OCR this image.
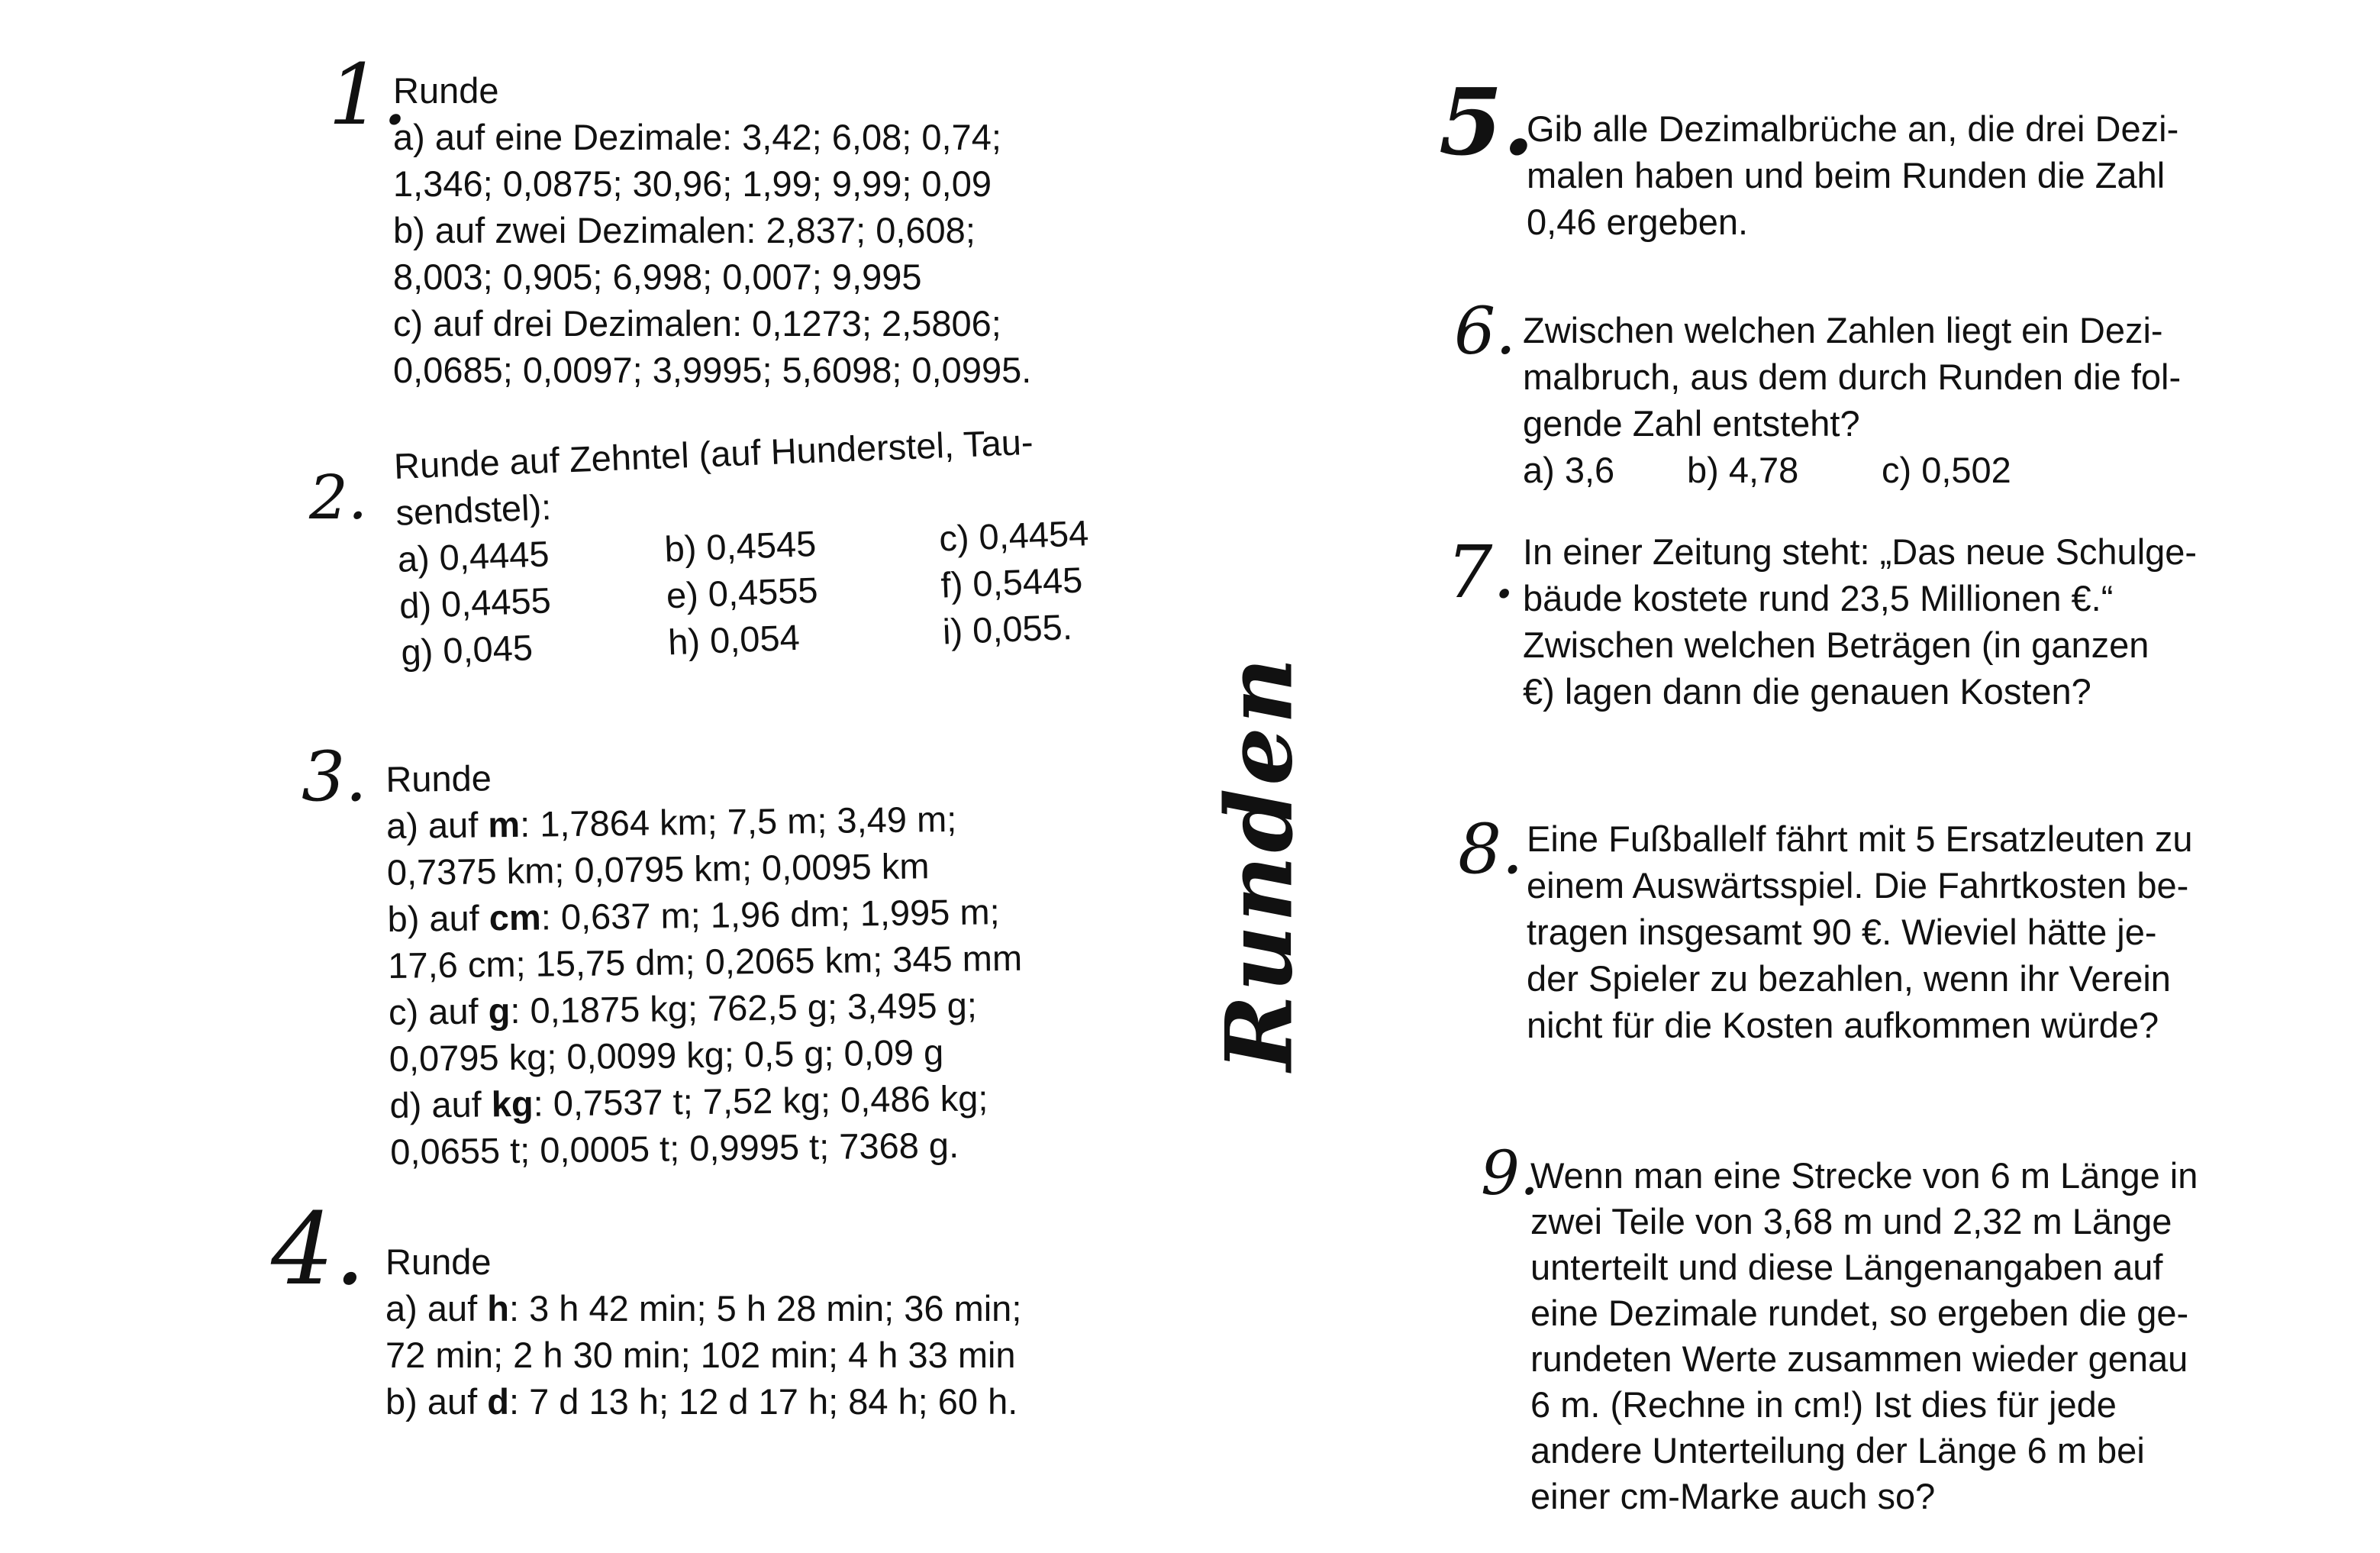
1.

Runde

a) auf eine Dezimale: 3,42; 6,08; 0,74;

1,346; 0,0875; 30,96; 1,99; 9,99; 0,09

b) auf zwei Dezimalen: 2,837; 0,608;

8,003; 0,905; 6,998; 0,007; 9,995

c) auf drei Dezimalen: 0,1273; 2,5806;

0,0685; 0,0097; 3,9995; 5,6098; 0,0995.

2.

Runde auf Zehntel (auf Hunderstel, Tau-

sendstel):

a) 0,4445	b) 0,4545	c) 0,4454
d) 0,4455	e) 0,4555	f) 0,5445
g) 0,045	h) 0,054	i) 0,055.
3. Runde

a) auf m: 1,7864 km; 7,5 m; 3,49 m;

0,7375 km; 0,0795 km; 0,0095 km

b) auf cm: 0,637 m; 1,96 dm; 1,995 m;

17,6 cm; 15,75 dm; 0,2065 km; 345 mm

c) auf g: 0,1875 kg; 762,5 g; 3,495 g;

0,0795 kg; 0,0099 kg; 0,5 g; 0,09 g

d) auf kg: 0,7537 t; 7,52 kg; 0,486 kg;

0,0655 t; 0,0005 t; 0,9995 t; 7368 g.

4. Runde

a) auf h: 3 h 42 min; 5 h 28 min; 36 min;

72 min; 2 h 30 min; 102 min; 4 h 33 min

b) auf d: 7 d 13 h; 12 d 17 h; 84 h; 60 h.

Runden
5.

Gib alle Dezimalbrüche an, die drei Dezi-

malen haben und beim Runden die Zahl

0,46 ergeben.

6. Zwischen welchen Zahlen liegt ein Dezi-

malbruch, aus dem durch Runden die fol-

gende Zahl entsteht?

a) 3,6 b) 4,78 c) 0,502

7. In einer Zeitung steht: „Das neue Schulge-

bäude kostete rund 23,5 Millionen €.“

Zwischen welchen Beträgen (in ganzen

€) lagen dann die genauen Kosten?

8. Eine Fußballelf fährt mit 5 Ersatzleuten zu

einem Auswärtsspiel. Die Fahrtkosten be-

tragen insgesamt 90 €. Wieviel hätte je-

der Spieler zu bezahlen, wenn ihr Verein

nicht für die Kosten aufkommen würde?

9.

Wenn man eine Strecke von 6 m Länge in

zwei Teile von 3,68 m und 2,32 m Länge

unterteilt und diese Längenangaben auf

eine Dezimale rundet, so ergeben die ge-

rundeten Werte zusammen wieder genau

6 m. (Rechne in cm!) Ist dies für jede

andere Unterteilung der Länge 6 m bei

einer cm-Marke auch so?
